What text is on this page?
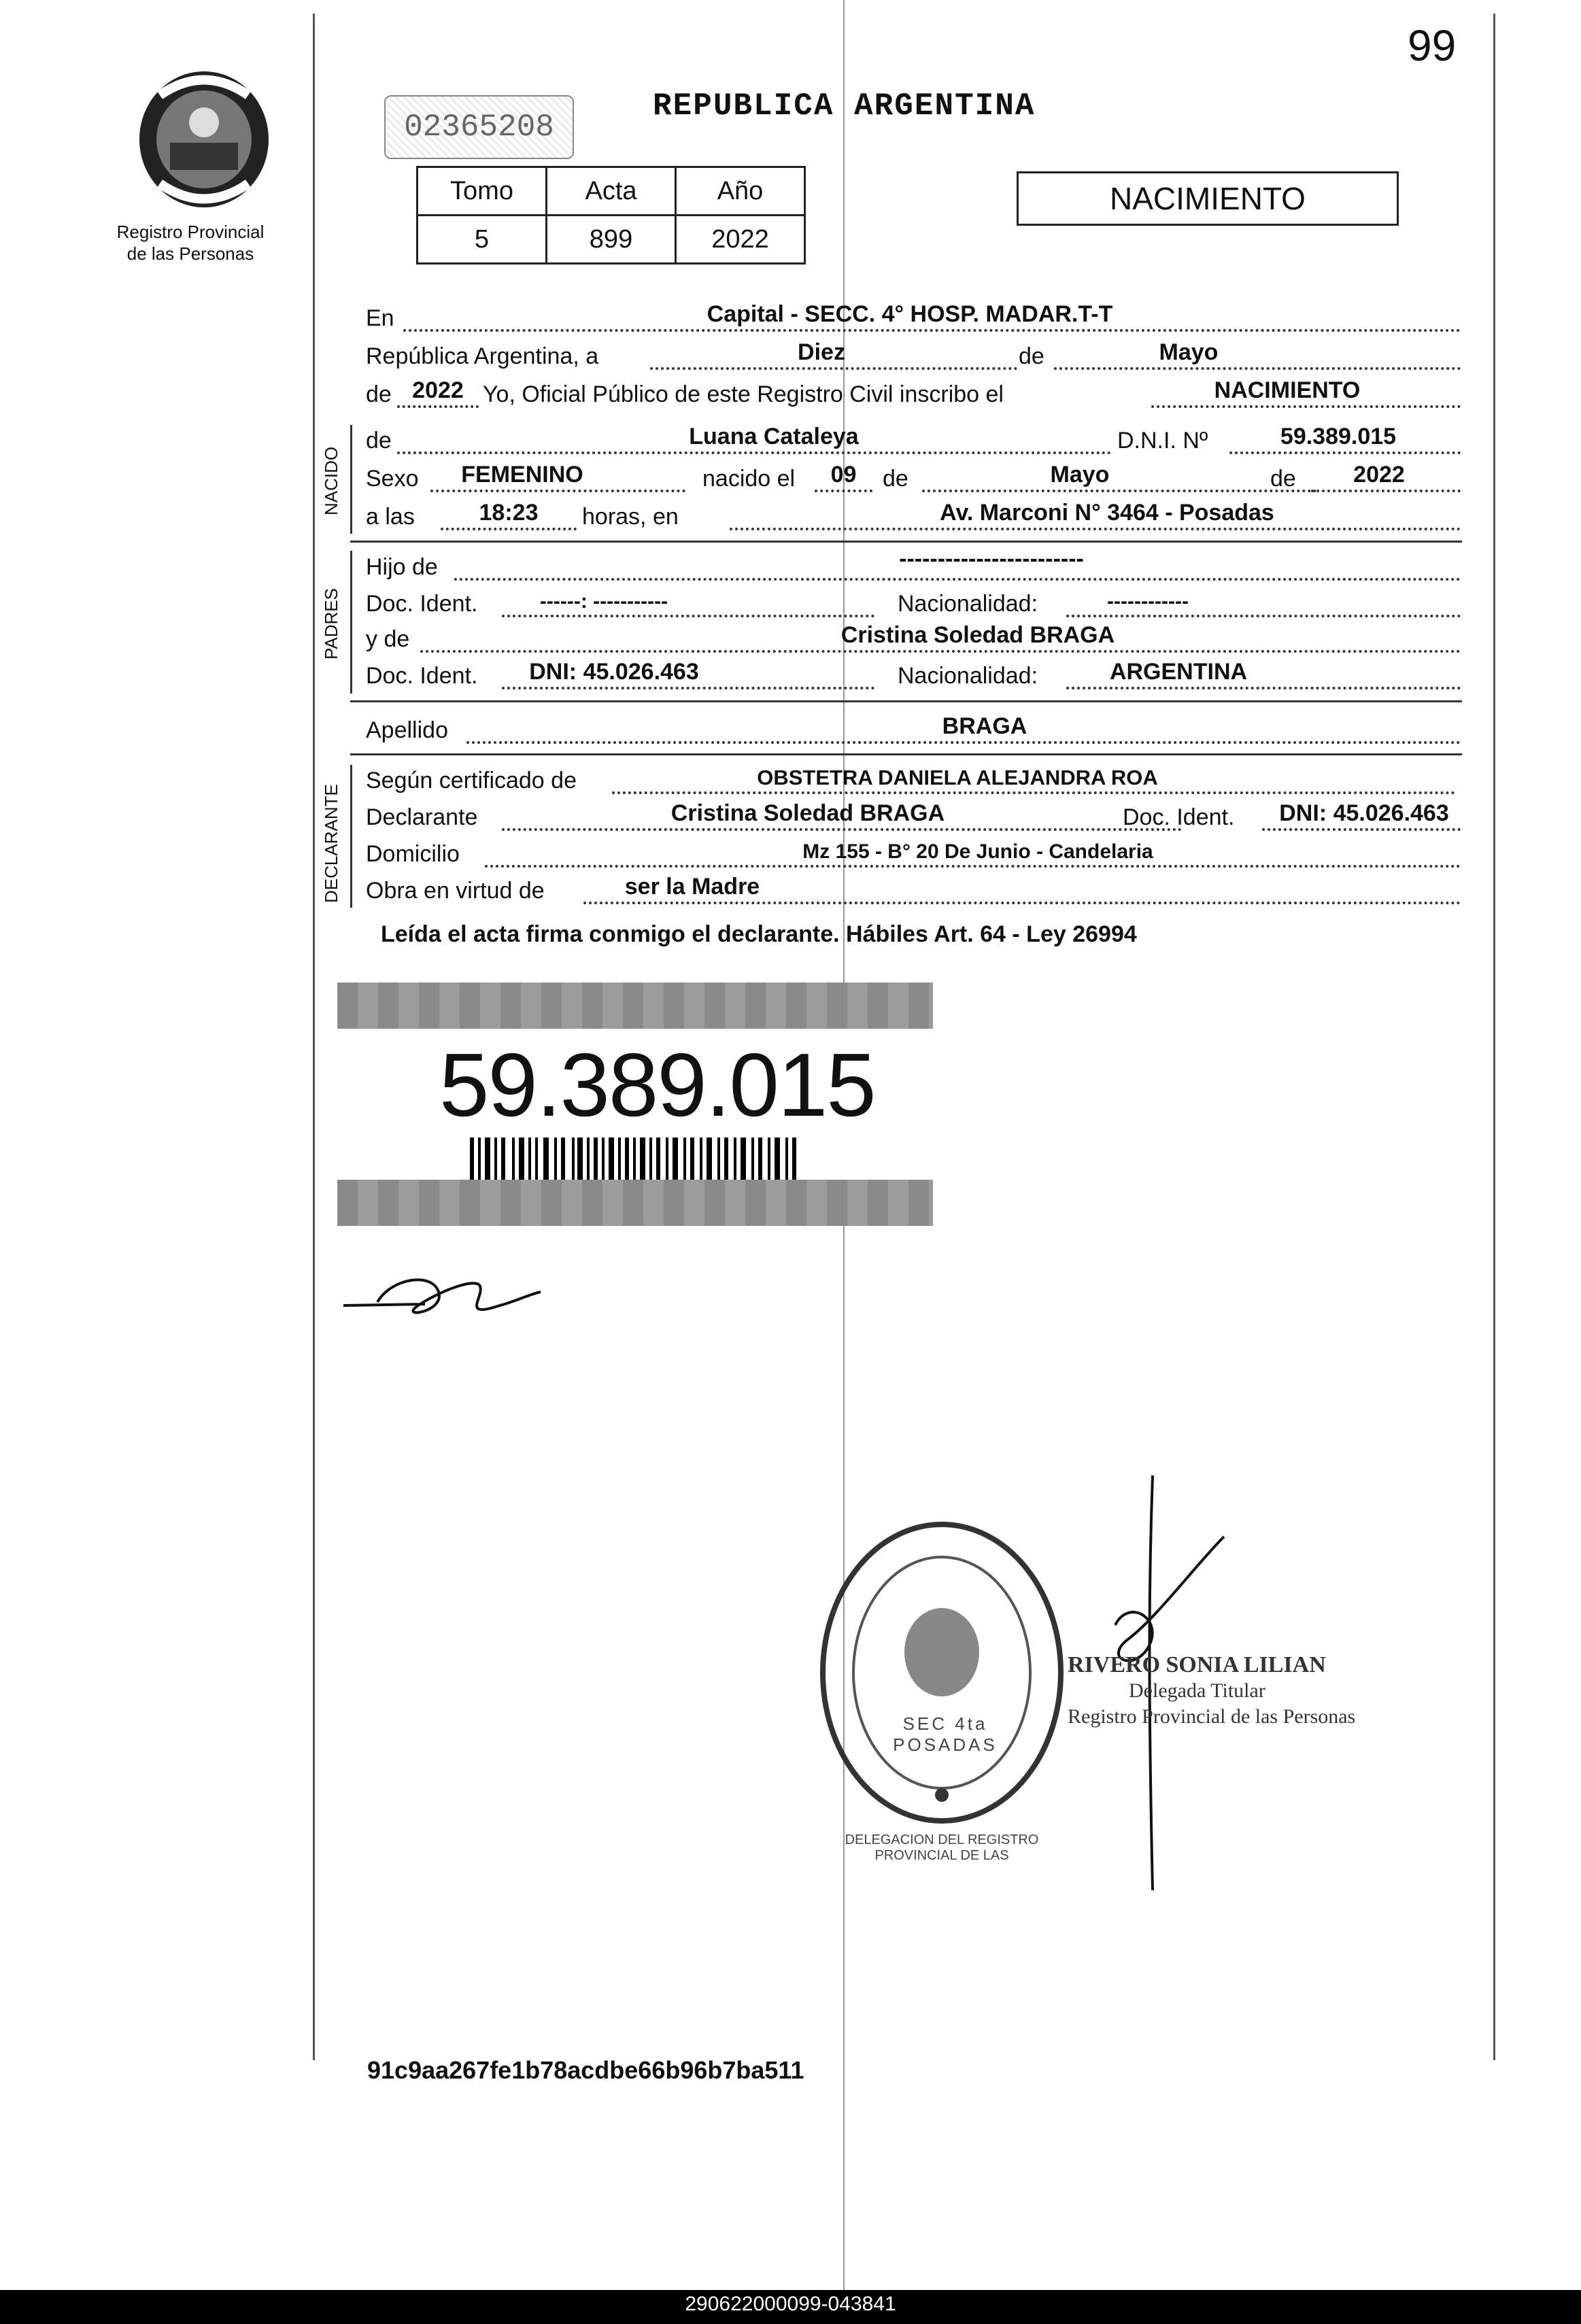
99
Registro Provincial
de las Personas
02365208
REPUBLICA ARGENTINA
Tomo	Acta	Año
5	899	2022
NACIMIENTO
En	Capital - SECC. 4° HOSP. MADAR.T-T
República Argentina, a	Diez	de	Mayo
de 2022 Yo, Oficial Público de este Registro Civil inscribo el	NACIMIENTO
NACIDO
de	Luana Cataleya	D.N.I. Nº	59.389.015
Sexo	FEMENINO	nacido el	09	de	Mayo	de	2022
a las	18:23	horas, en	Av. Marconi N° 3464 - Posadas
PADRES
Hijo de	------------------------
Doc. Ident.	------: -----------	Nacionalidad:	------------
y de	Cristina Soledad BRAGA
Doc. Ident.	DNI: 45.026.463	Nacionalidad:	ARGENTINA
Apellido	BRAGA
DECLARANTE
Según certificado de	OBSTETRA DANIELA ALEJANDRA ROA
Declarante	Cristina Soledad BRAGA	Doc. Ident.	DNI: 45.026.463
Domicilio	Mz 155 - B° 20 De Junio - Candelaria
Obra en virtud de	ser la Madre
Leída el acta firma conmigo el declarante. Hábiles Art. 64 - Ley 26994
59.389.015
DELEGACION DEL REGISTRO PROVINCIAL DE LAS
SEC 4ta POSADAS
RIVERO SONIA LILIAN
Delegada Titular
Registro Provincial de las Personas
91c9aa267fe1b78acdbe66b96b7ba511
290622000099-043841
